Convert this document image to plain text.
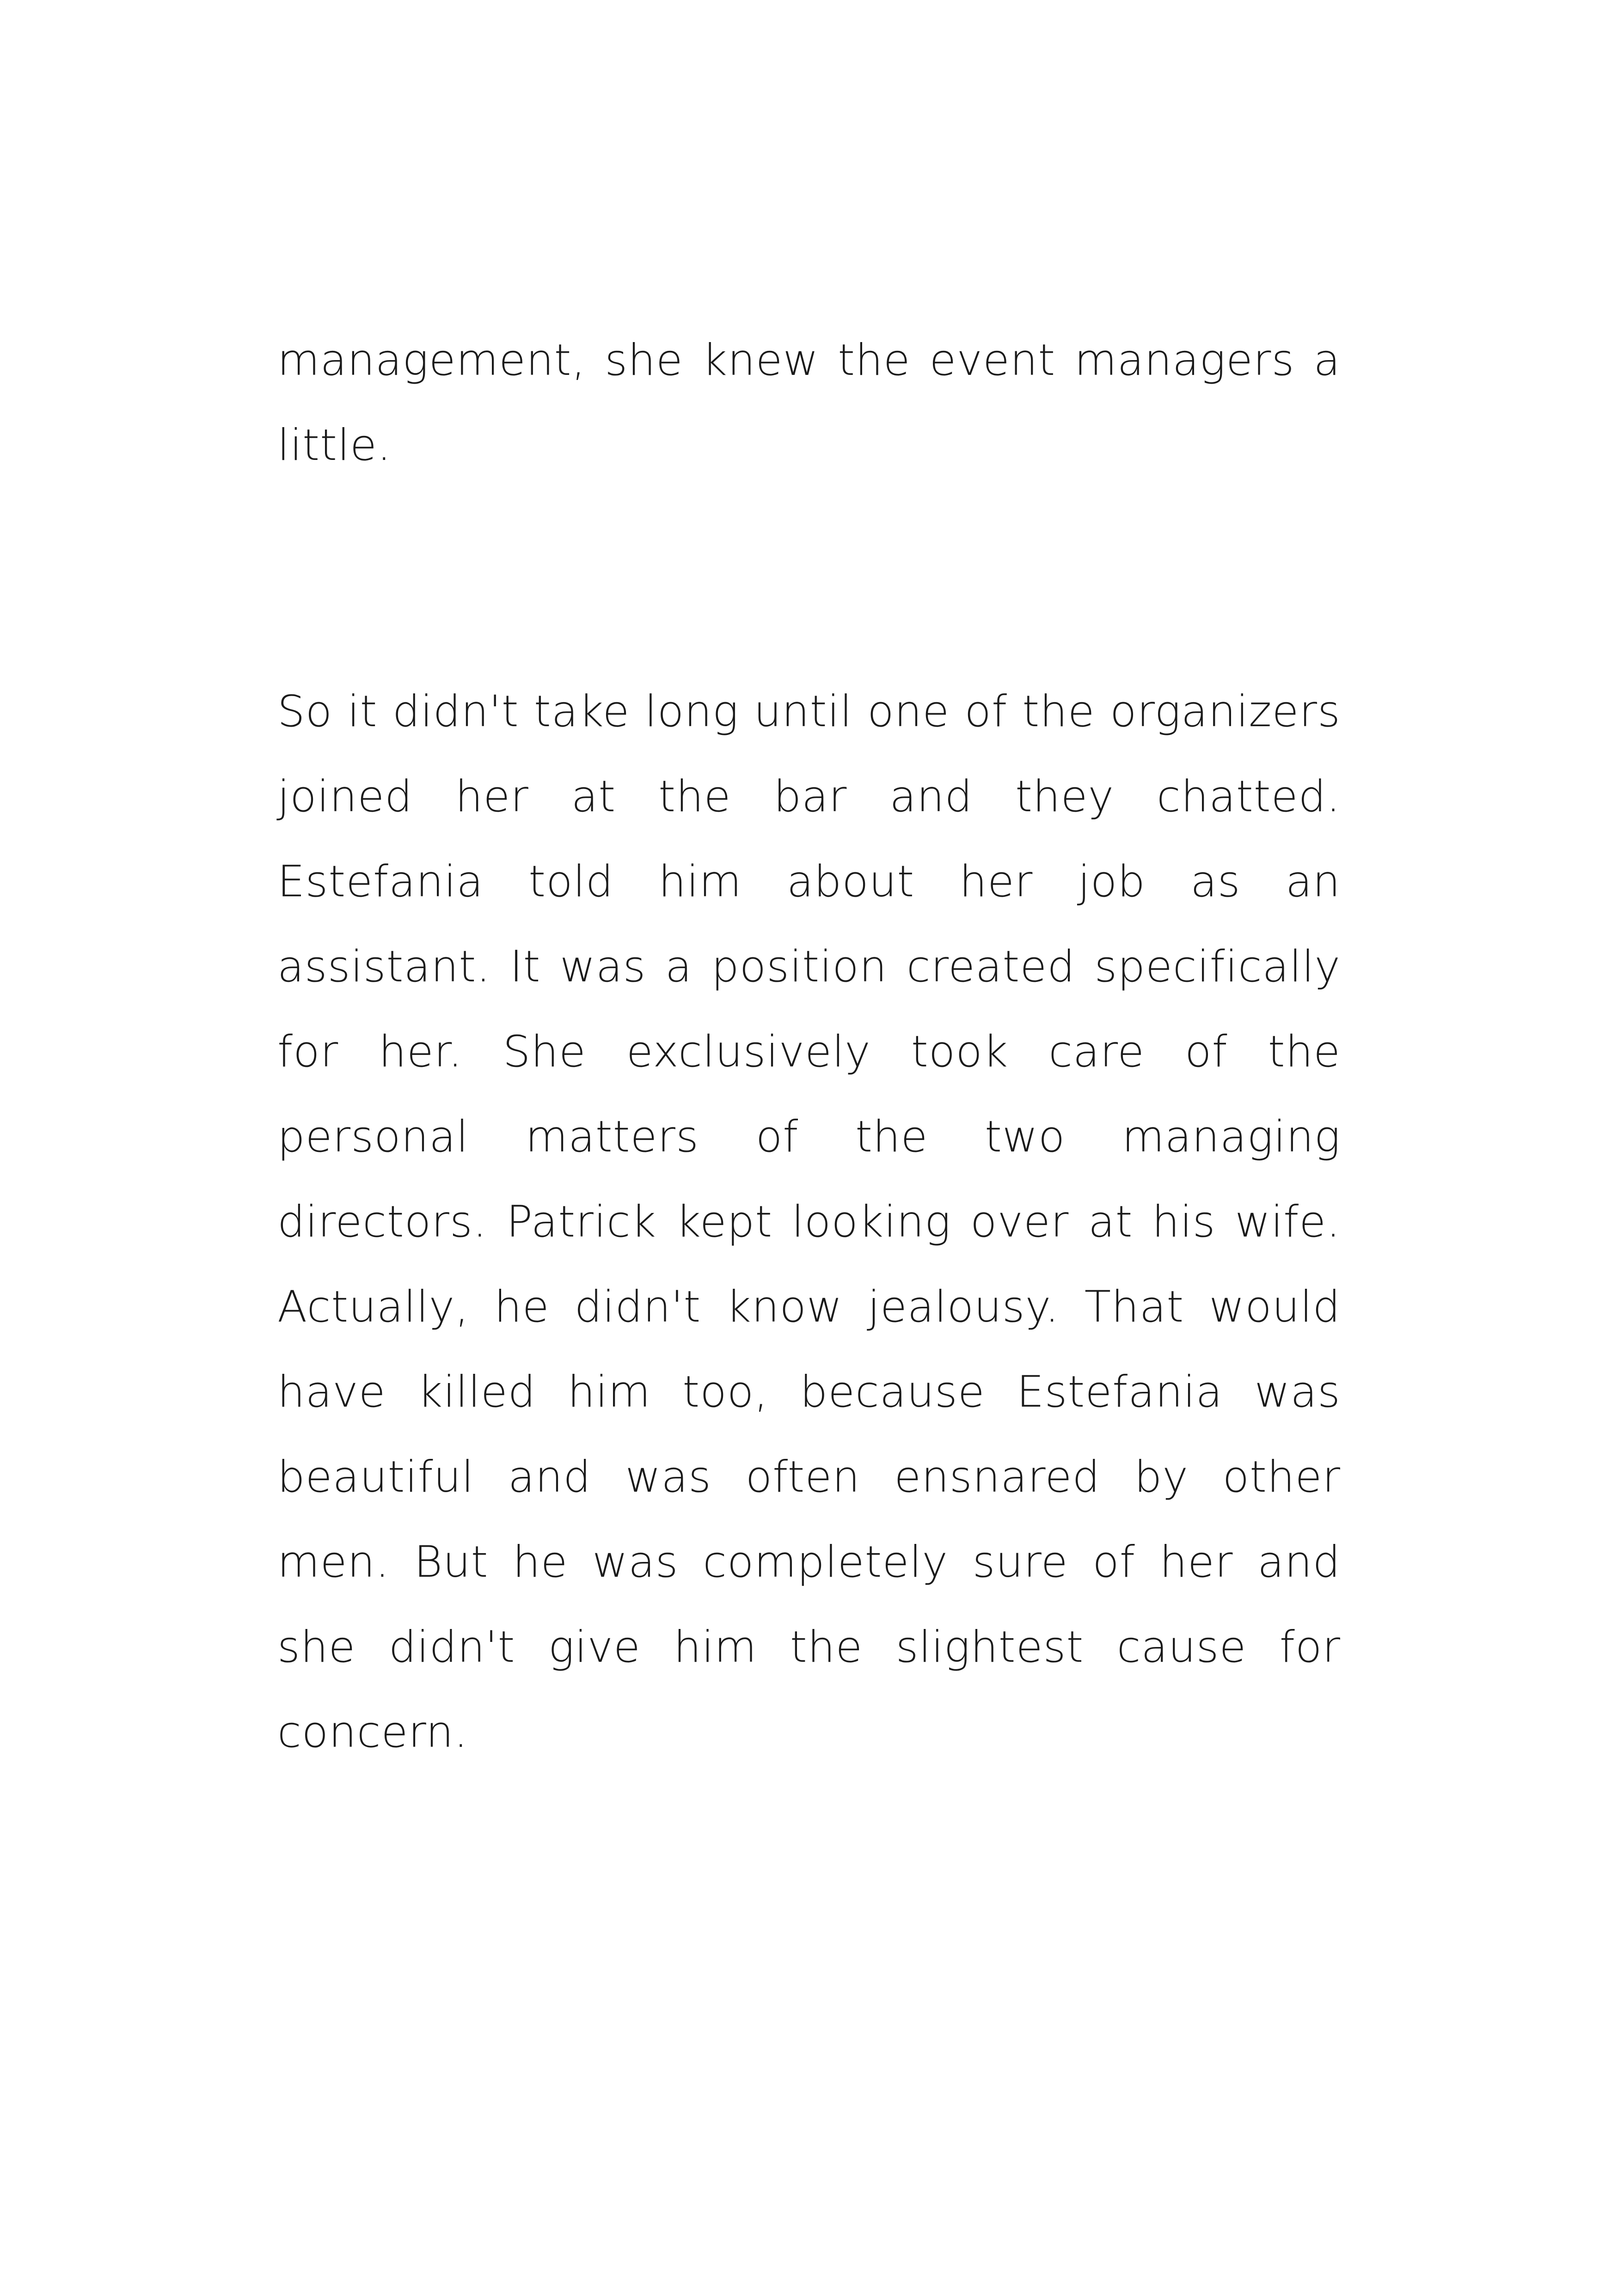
management, she knew the event managers a little.

So it didn't take long until one of the organizers joined her at the bar and they chatted. Estefania told him about her job as an assistant. It was a position created specifically for her. She exclusively took care of the personal matters of the two managing directors. Patrick kept looking over at his wife. Actually, he didn't know jealousy. That would have killed him too, because Estefania was beautiful and was often ensnared by other men. But he was completely sure of her and she didn't give him the slightest cause for concern.
